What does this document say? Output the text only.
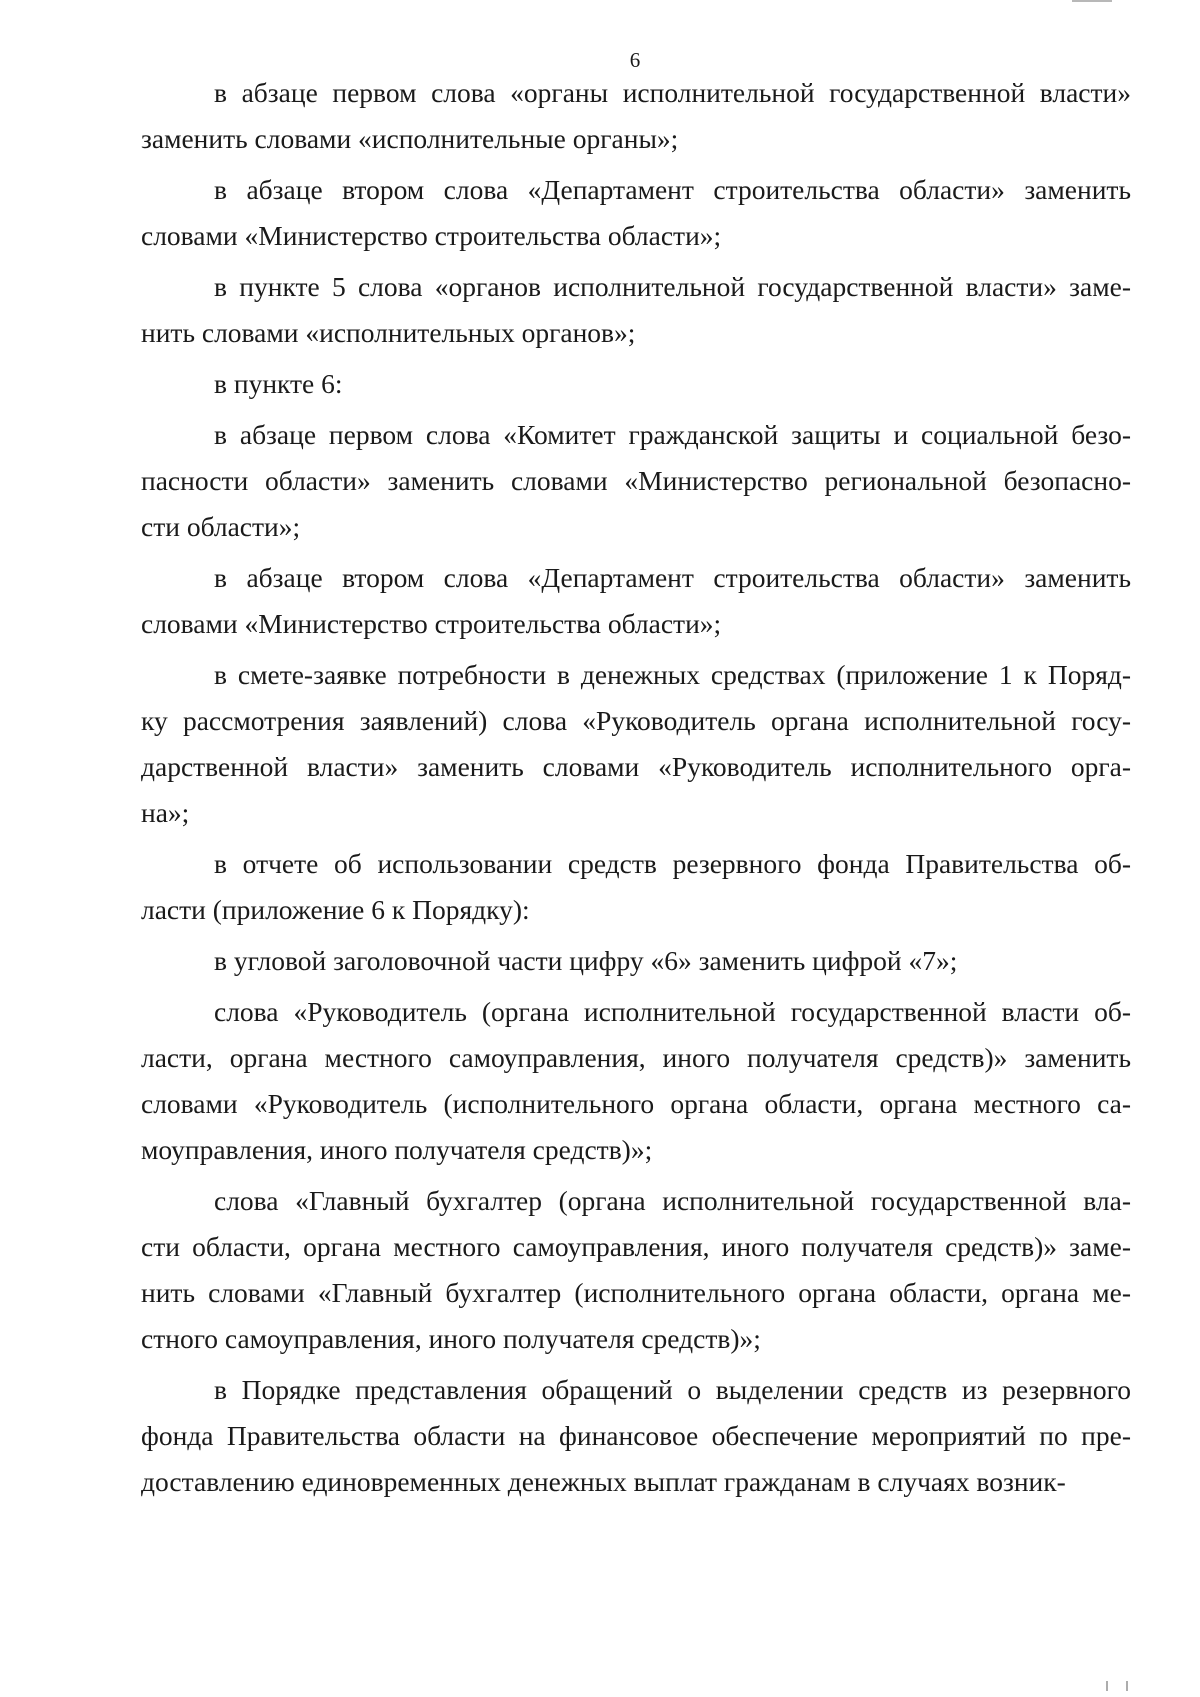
6
в абзаце первом слова «органы исполнительной государственной власти»
заменить словами «исполнительные органы»;
в абзаце втором слова «Департамент строительства области» заменить
словами «Министерство строительства области»;
в пункте 5 слова «органов исполнительной государственной власти» заме-
нить словами «исполнительных органов»;
в пункте 6:
в абзаце первом слова «Комитет гражданской защиты и социальной безо-
пасности области» заменить словами «Министерство региональной безопасно-
сти области»;
в абзаце втором слова «Департамент строительства области» заменить
словами «Министерство строительства области»;
в смете-заявке потребности в денежных средствах (приложение 1 к Поряд-
ку рассмотрения заявлений) слова «Руководитель органа исполнительной госу-
дарственной власти» заменить словами «Руководитель исполнительного орга-
на»;
в отчете об использовании средств резервного фонда Правительства об-
ласти (приложение 6 к Порядку):
в угловой заголовочной части цифру «6» заменить цифрой «7»;
слова «Руководитель (органа исполнительной государственной власти об-
ласти, органа местного самоуправления, иного получателя средств)» заменить
словами «Руководитель (исполнительного органа области, органа местного са-
моуправления, иного получателя средств)»;
слова «Главный бухгалтер (органа исполнительной государственной вла-
сти области, органа местного самоуправления, иного получателя средств)» заме-
нить словами «Главный бухгалтер (исполнительного органа области, органа ме-
стного самоуправления, иного получателя средств)»;
в Порядке представления обращений о выделении средств из резервного
фонда Правительства области на финансовое обеспечение мероприятий по пре-
доставлению единовременных денежных выплат гражданам в случаях возник-
